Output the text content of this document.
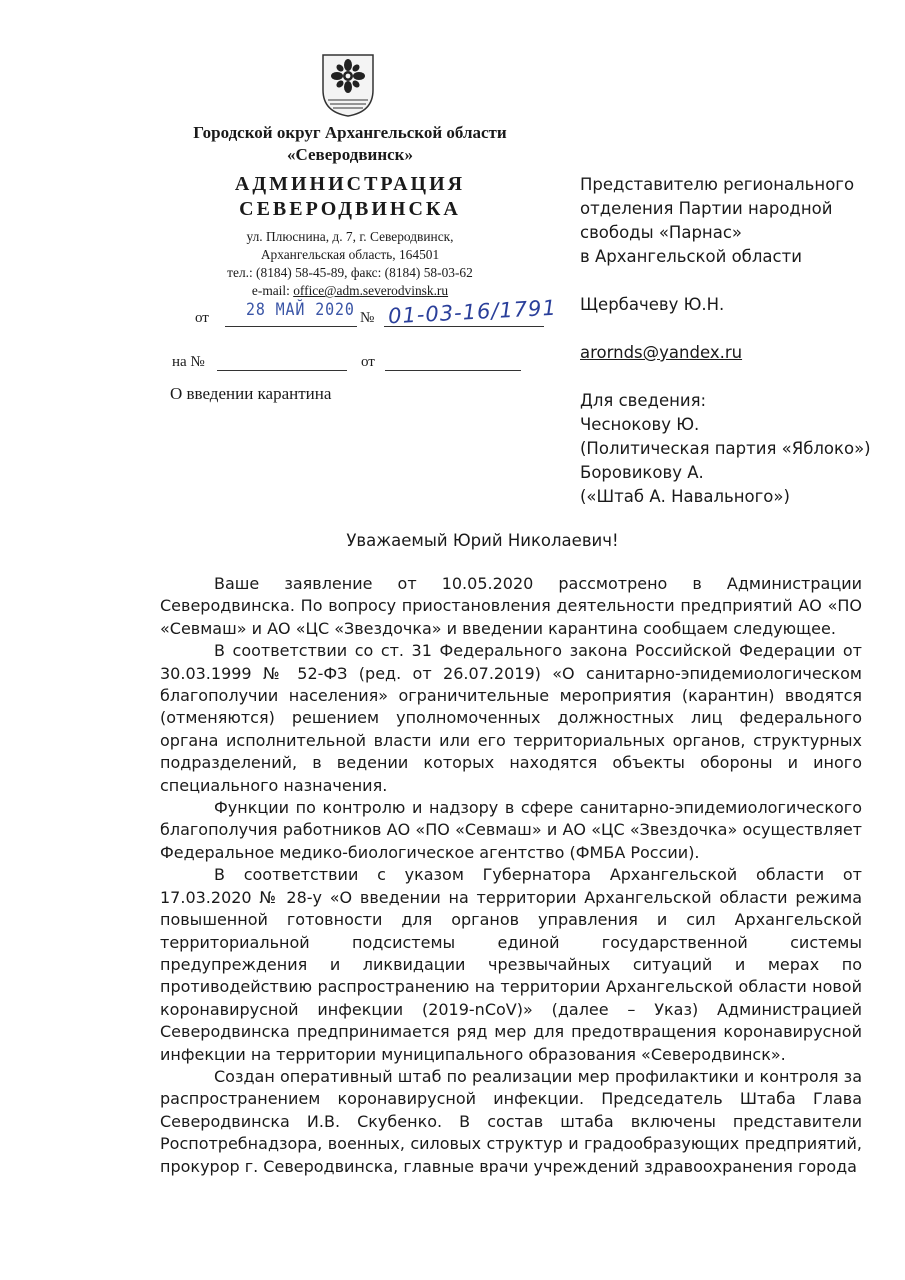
Городской округ Архангельской области
«Северодвинск»
АДМИНИСТРАЦИЯ
СЕВЕРОДВИНСКА
ул. Плюснина, д. 7, г. Северодвинск,
Архангельская область, 164501
тел.: (8184) 58-45-89, факс: (8184) 58-03-62
e-mail: office@adm.severodvinsk.ru
от	28 МАЙ 2020 № 01-03-16/1791
на №	от
О введении карантина

Представителю регионального

отделения Партии народной

свободы «Парнас»

в Архангельской области

Щербачеву Ю.Н.

arornds@yandex.ru

Для сведения:

Чеснокову Ю.

(Политическая партия «Яблоко»)

Боровикову А.

(«Штаб А. Навального»)

Уважаемый Юрий Николаевич!

Ваше заявление от 10.05.2020 рассмотрено в Администрации Северодвинска. По вопросу приостановления деятельности предприятий АО «ПО «Севмаш» и АО «ЦС «Звездочка» и введении карантина сообщаем следующее.

В соответствии со ст. 31 Федерального закона Российской Федерации от 30.03.1999 № 52-ФЗ (ред. от 26.07.2019) «О санитарно-эпидемиологическом благополучии населения» ограничительные мероприятия (карантин) вводятся (отменяются) решением уполномоченных должностных лиц федерального органа исполнительной власти или его территориальных органов, структурных подразделений, в ведении которых находятся объекты обороны и иного специального назначения.

Функции по контролю и надзору в сфере санитарно-эпидемиологического благополучия работников АО «ПО «Севмаш» и АО «ЦС «Звездочка» осуществляет Федеральное медико-биологическое агентство (ФМБА России).

В соответствии с указом Губернатора Архангельской области от 17.03.2020 № 28-у «О введении на территории Архангельской области режима повышенной готовности для органов управления и сил Архангельской территориальной подсистемы единой государственной системы предупреждения и ликвидации чрезвычайных ситуаций и мерах по противодействию распространению на территории Архангельской области новой коронавирусной инфекции (2019-nCoV)» (далее – Указ) Администрацией Северодвинска предпринимается ряд мер для предотвращения коронавирусной инфекции на территории муниципального образования «Северодвинск».

Создан оперативный штаб по реализации мер профилактики и контроля за распространением коронавирусной инфекции. Председатель Штаба Глава Северодвинска И.В. Скубенко. В состав штаба включены представители Роспотребнадзора, военных, силовых структур и градообразующих предприятий, прокурор г. Северодвинска, главные врачи учреждений здравоохранения города
